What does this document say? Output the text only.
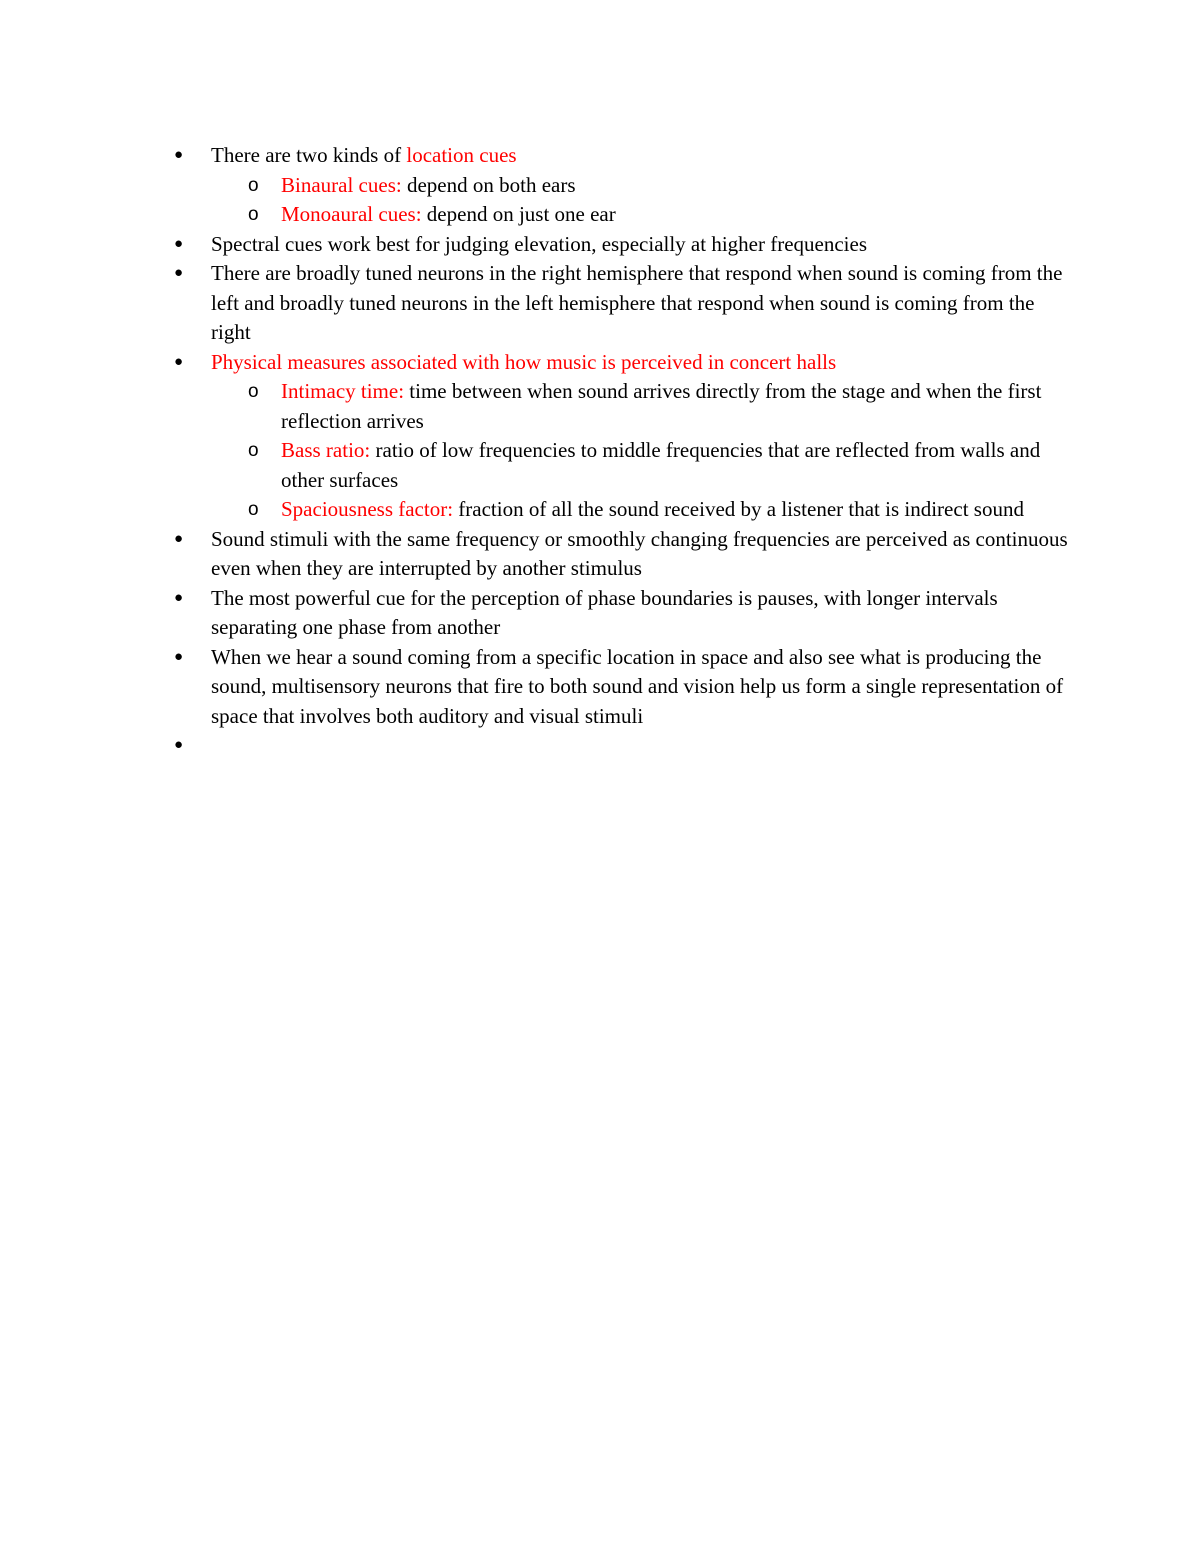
●	There are two kinds of location cues
o	Binaural cues: depend on both ears
o	Monoaural cues: depend on just one ear
●	Spectral cues work best for judging elevation, especially at higher frequencies
●	There are broadly tuned neurons in the right hemisphere that respond when sound is coming from the left and broadly tuned neurons in the left hemisphere that respond when sound is coming from the right
●	Physical measures associated with how music is perceived in concert halls
o	Intimacy time: time between when sound arrives directly from the stage and when the first reflection arrives
o	Bass ratio: ratio of low frequencies to middle frequencies that are reflected from walls and other surfaces
o	Spaciousness factor: fraction of all the sound received by a listener that is indirect sound
●	Sound stimuli with the same frequency or smoothly changing frequencies are perceived as continuous even when they are interrupted by another stimulus
●	The most powerful cue for the perception of phase boundaries is pauses, with longer intervals separating one phase from another
●	When we hear a sound coming from a specific location in space and also see what is producing the sound, multisensory neurons that fire to both sound and vision help us form a single representation of space that involves both auditory and visual stimuli
●
